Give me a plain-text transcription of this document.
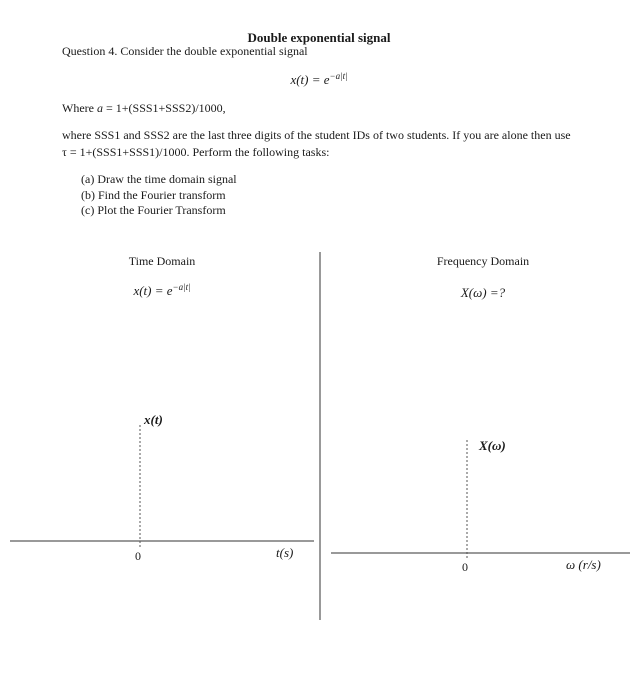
Double exponential signal
Question 4. Consider the double exponential signal
$x(t) = e^{-a|t|}$
Where a = 1+(SSS1+SSS2)/1000,
where SSS1 and SSS2 are the last three digits of the student IDs of two students. If you are alone then use
τ = 1+(SSS1+SSS1)/1000. Perform the following tasks:
(a) Draw the time domain signal
(b) Find the Fourier transform
(c) Plot the Fourier Transform
Time Domain
$x(t) = e^{-a|t|}$
Frequency Domain
X(ω) =?
x(t)
0	t(s)
X(ω)
0	ω (r/s)
